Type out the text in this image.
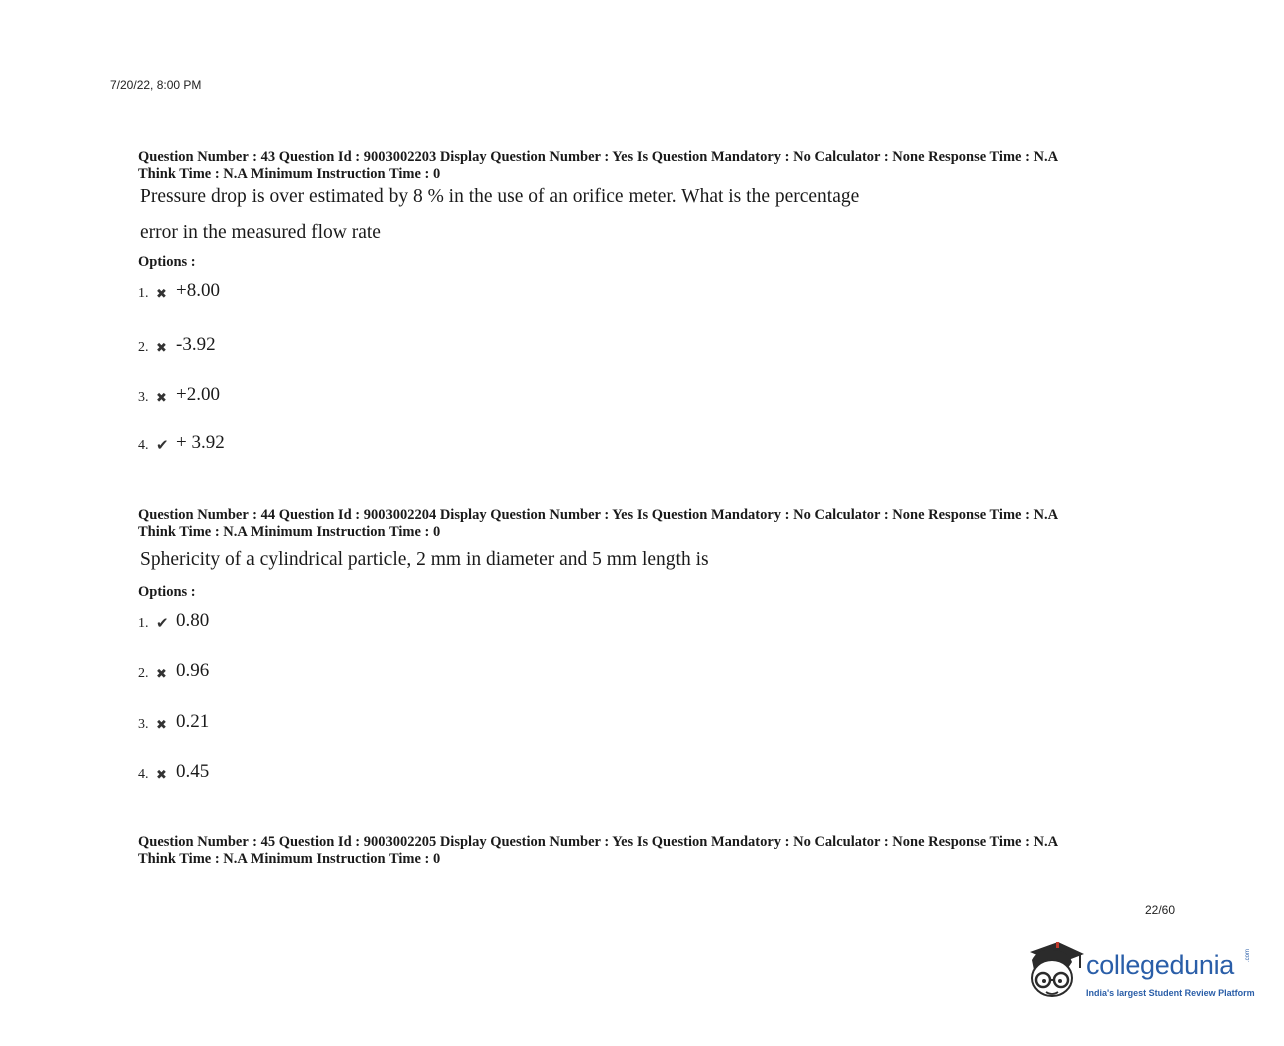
7/20/22, 8:00 PM
Question Number : 43 Question Id : 9003002203 Display Question Number : Yes Is Question Mandatory : No Calculator : None Response Time : N.A
Think Time : N.A Minimum Instruction Time : 0
Pressure drop is over estimated by 8 % in the use of an orifice meter. What is the percentage
error in the measured flow rate
Options :
1. ✖ +8.00
2. ✖ -3.92
3. ✖ +2.00
4. ✔ + 3.92
Question Number : 44 Question Id : 9003002204 Display Question Number : Yes Is Question Mandatory : No Calculator : None Response Time : N.A
Think Time : N.A Minimum Instruction Time : 0
Sphericity of a cylindrical particle, 2 mm in diameter and 5 mm length is
Options :
1. ✔ 0.80
2. ✖ 0.96
3. ✖ 0.21
4. ✖ 0.45
Question Number : 45 Question Id : 9003002205 Display Question Number : Yes Is Question Mandatory : No Calculator : None Response Time : N.A
Think Time : N.A Minimum Instruction Time : 0
22/60
collegedunia .com
India's largest Student Review Platform
